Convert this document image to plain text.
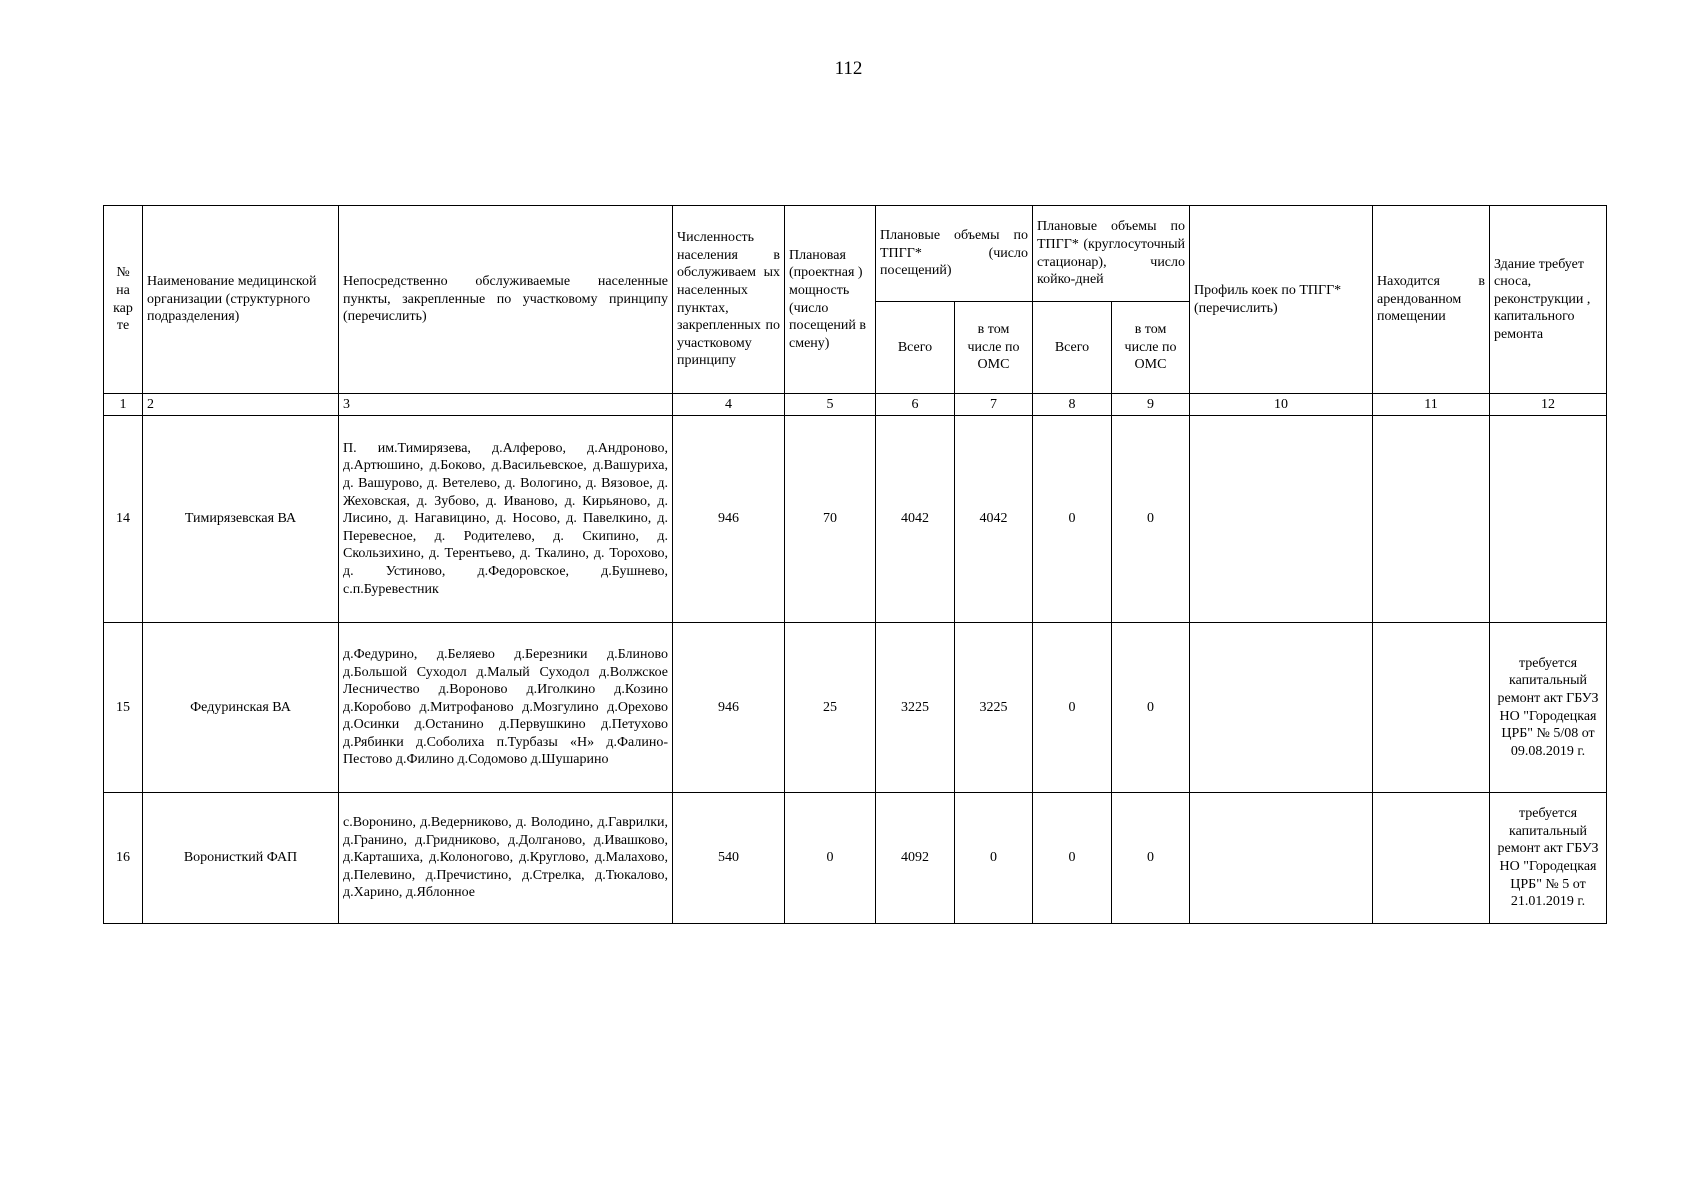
112
№ на кар те	Наименование медицинской организации (структурного подразделения)	Непосредственно обслуживаемые населенные пункты, закрепленные по участковому принципу (перечислить)	Численность населения в обслуживаем ых населенных пунктах, закрепленных по участковому принципу	Плановая (проектная ) мощность (число посещений в смену)	Плановые объемы по ТПГГ* (число посещений)		Плановые объемы по ТПГГ* (круглосуточный стационар), число койко-дней		Профиль коек по ТПГГ* (перечислить)	Находится в арендованном помещении	Здание требует сноса, реконструкции , капитального ремонта
					Всего	в том числе по ОМС	Всего	в том числе по ОМС			
1	2	3	4	5	6	7	8	9	10	11	12
14	Тимирязевская ВА	П. им.Тимирязева, д.Алферово, д.Андроново, д.Артюшино, д.Боково, д.Васильевское, д.Вашуриха, д. Вашурово, д. Ветелево, д. Вологино, д. Вязовое, д. Жеховская, д. Зубово, д. Иваново, д. Кирьяново, д. Лисино, д. Нагавицино, д. Носово, д. Павелкино, д. Перевесное, д. Родителево, д. Скипино, д. Скользихино, д. Терентьево, д. Ткалино, д. Торохово, д. Устиново, д.Федоровское, д.Бушнево, с.п.Буревестник	946	70	4042	4042	0	0			
15	Федуринская ВА	д.Федурино, д.Беляево д.Березники д.Блиново д.Большой Суходол д.Малый Суходол д.Волжское Лесничество д.Вороново д.Иголкино д.Козино д.Коробово д.Митрофаново д.Мозгулино д.Орехово д.Осинки д.Останино д.Первушкино д.Петухово д.Рябинки д.Соболиха п.Турбазы «Н» д.Фалино-Пестово д.Филино д.Содомово д.Шушарино	946	25	3225	3225	0	0			требуется капитальный ремонт акт ГБУЗ НО "Городецкая ЦРБ" № 5/08 от 09.08.2019 г.
16	Воронисткий ФАП	с.Воронино, д.Ведерниково, д. Володино, д.Гаврилки, д.Гранино, д.Гридниково, д.Долганово, д.Ивашково, д.Карташиха, д.Колоногово, д.Круглово, д.Малахово, д.Пелевино, д.Пречистино, д.Стрелка, д.Тюкалово, д.Харино, д.Яблонное	540	0	4092	0	0	0			требуется капитальный ремонт акт ГБУЗ НО "Городецкая ЦРБ" № 5 от 21.01.2019 г.
